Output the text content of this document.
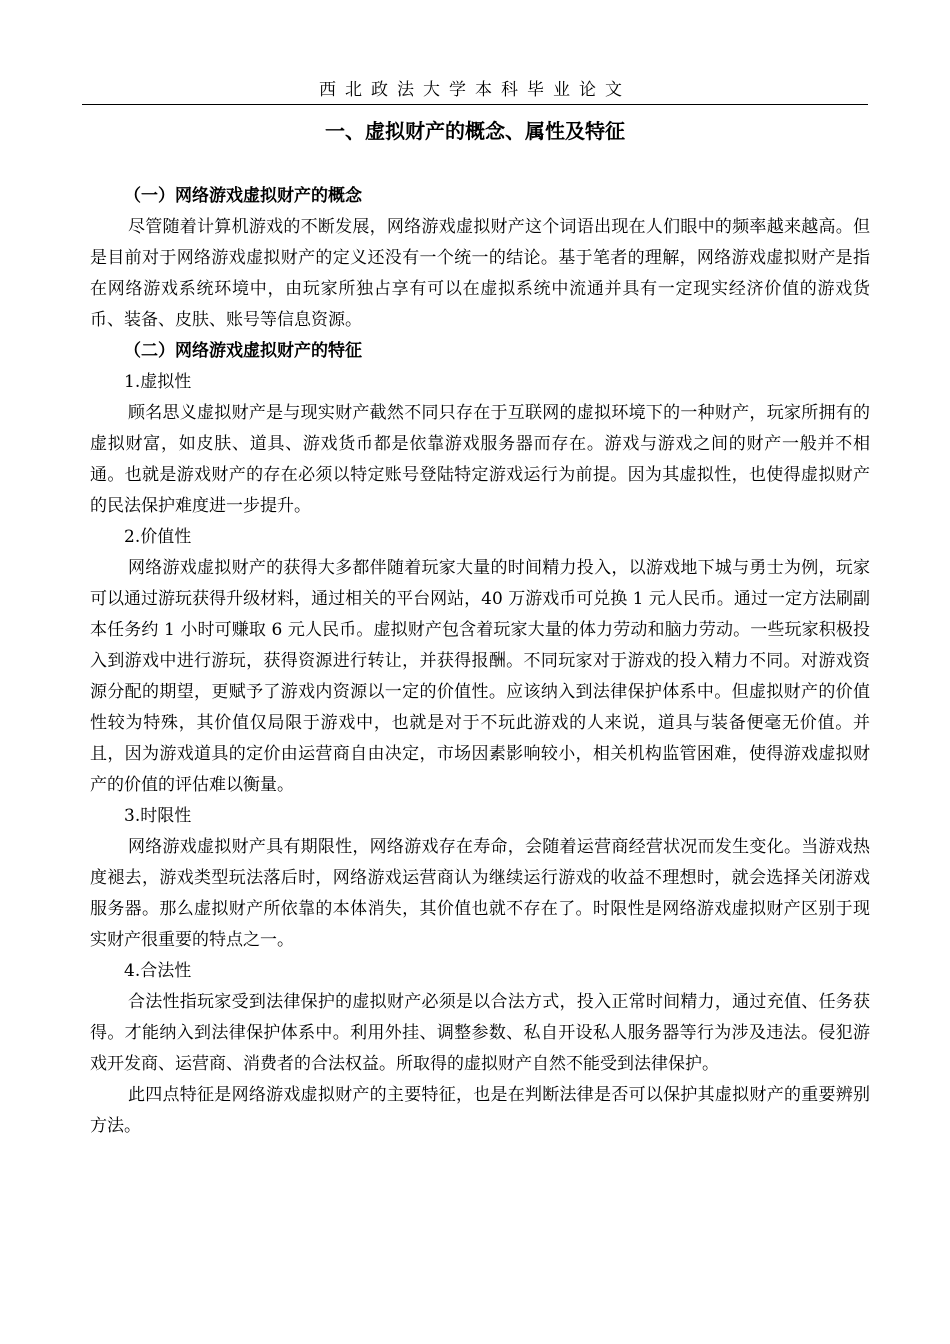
西北政法大学本科毕业论文
一、虚拟财产的概念、属性及特征

（一）网络游戏虚拟财产的概念

尽管随着计算机游戏的不断发展，网络游戏虚拟财产这个词语出现在人们眼中的频率越来越高。但是目前对于网络游戏虚拟财产的定义还没有一个统一的结论。基于笔者的理解，网络游戏虚拟财产是指在网络游戏系统环境中，由玩家所独占享有可以在虚拟系统中流通并具有一定现实经济价值的游戏货币、装备、皮肤、账号等信息资源。

（二）网络游戏虚拟财产的特征

1.虚拟性

顾名思义虚拟财产是与现实财产截然不同只存在于互联网的虚拟环境下的一种财产，玩家所拥有的虚拟财富，如皮肤、道具、游戏货币都是依靠游戏服务器而存在。游戏与游戏之间的财产一般并不相通。也就是游戏财产的存在必须以特定账号登陆特定游戏运行为前提。因为其虚拟性，也使得虚拟财产的民法保护难度进一步提升。

2.价值性

网络游戏虚拟财产的获得大多都伴随着玩家大量的时间精力投入，以游戏地下城与勇士为例，玩家可以通过游玩获得升级材料，通过相关的平台网站，40 万游戏币可兑换 1 元人民币。通过一定方法刷副本任务约 1 小时可赚取 6 元人民币。虚拟财产包含着玩家大量的体力劳动和脑力劳动。一些玩家积极投入到游戏中进行游玩，获得资源进行转让，并获得报酬。不同玩家对于游戏的投入精力不同。对游戏资源分配的期望，更赋予了游戏内资源以一定的价值性。应该纳入到法律保护体系中。但虚拟财产的价值性较为特殊，其价值仅局限于游戏中，也就是对于不玩此游戏的人来说，道具与装备便毫无价值。并且，因为游戏道具的定价由运营商自由决定，市场因素影响较小，相关机构监管困难，使得游戏虚拟财产的价值的评估难以衡量。

3.时限性

网络游戏虚拟财产具有期限性，网络游戏存在寿命，会随着运营商经营状况而发生变化。当游戏热度褪去，游戏类型玩法落后时，网络游戏运营商认为继续运行游戏的收益不理想时，就会选择关闭游戏服务器。那么虚拟财产所依靠的本体消失，其价值也就不存在了。时限性是网络游戏虚拟财产区别于现实财产很重要的特点之一。

4.合法性

合法性指玩家受到法律保护的虚拟财产必须是以合法方式，投入正常时间精力，通过充值、任务获得。才能纳入到法律保护体系中。利用外挂、调整参数、私自开设私人服务器等行为涉及违法。侵犯游戏开发商、运营商、消费者的合法权益。所取得的虚拟财产自然不能受到法律保护。

此四点特征是网络游戏虚拟财产的主要特征，也是在判断法律是否可以保护其虚拟财产的重要辨别方法。
